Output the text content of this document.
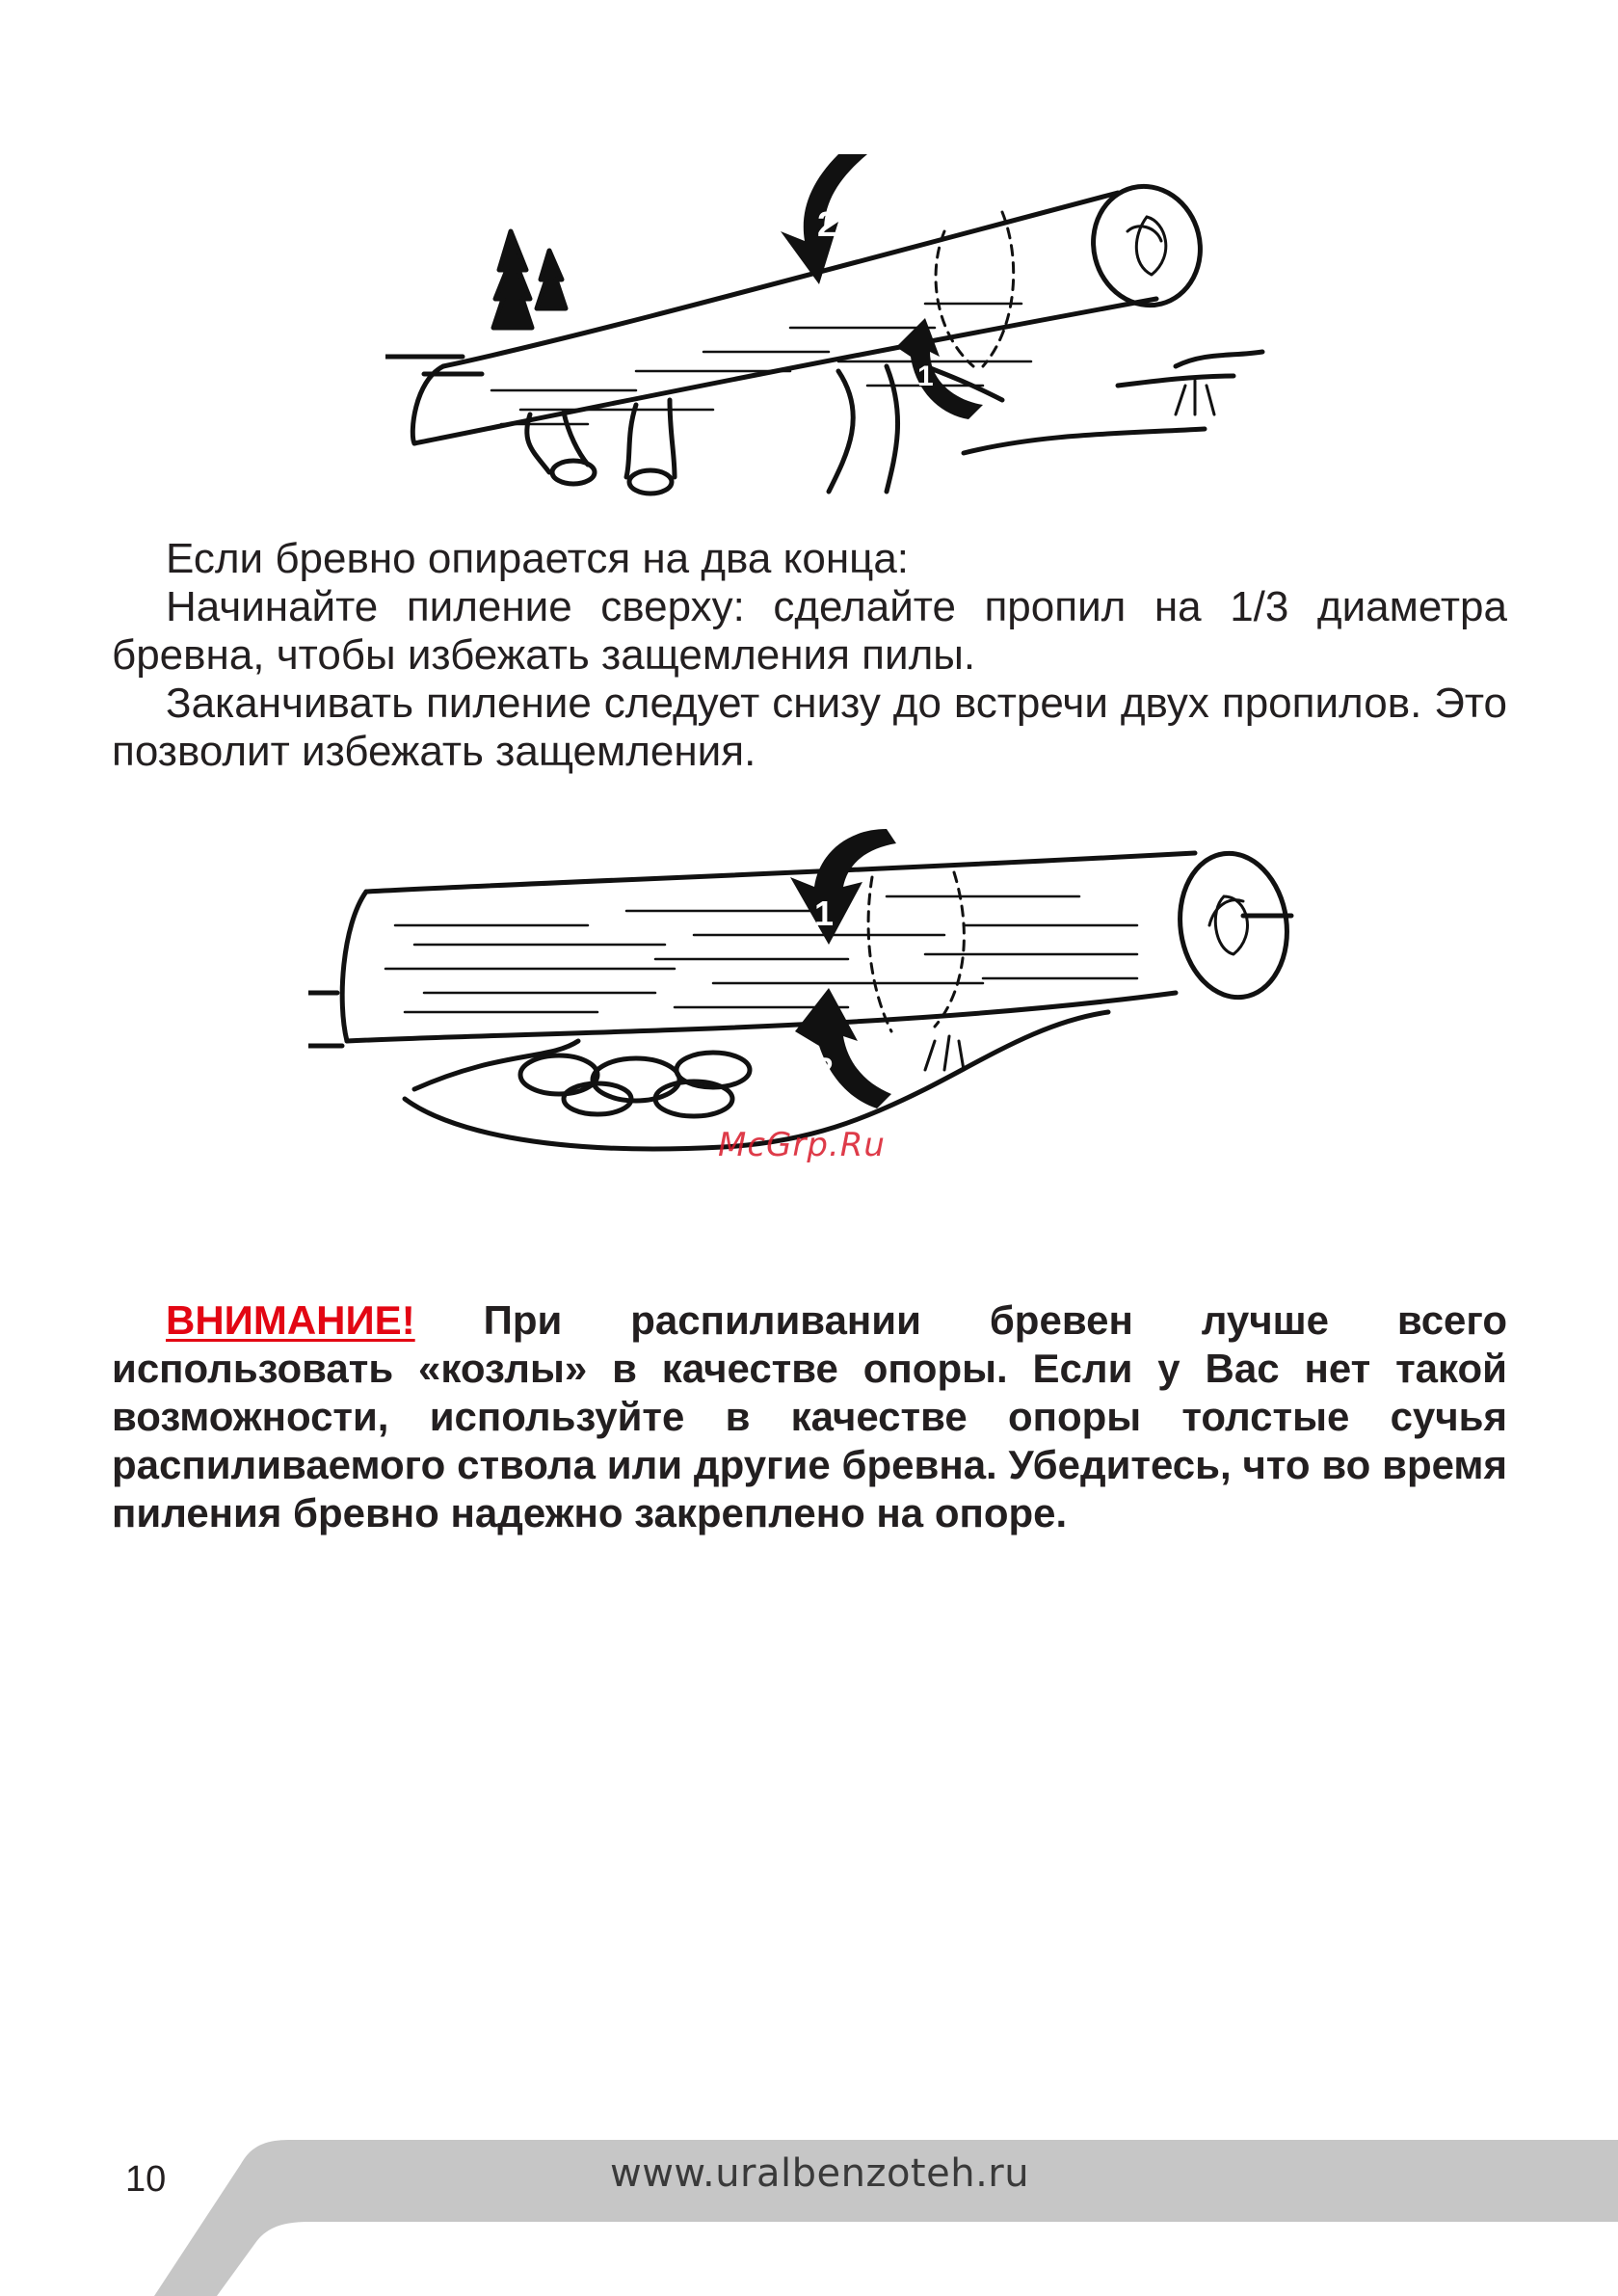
2
1

Если бревно опирается на два конца:

Начинайте пиление сверху: сделайте пропил на 1/3 диаметра бревна, чтобы избежать защемления пилы.

Заканчивать пиление следует снизу до встречи двух пропилов. Это позволит избежать защемления.

1
2
McGrp.Ru

ВНИМАНИЕ! При распиливании бревен лучше всего использовать «козлы» в качестве опоры. Если у Вас нет такой возможности, используйте в качестве опоры толстые сучья распиливаемого ствола или другие бревна. Убедитесь, что во время пиления бревно надежно закреплено на опоре.

10	www.uralbenzoteh.ru
